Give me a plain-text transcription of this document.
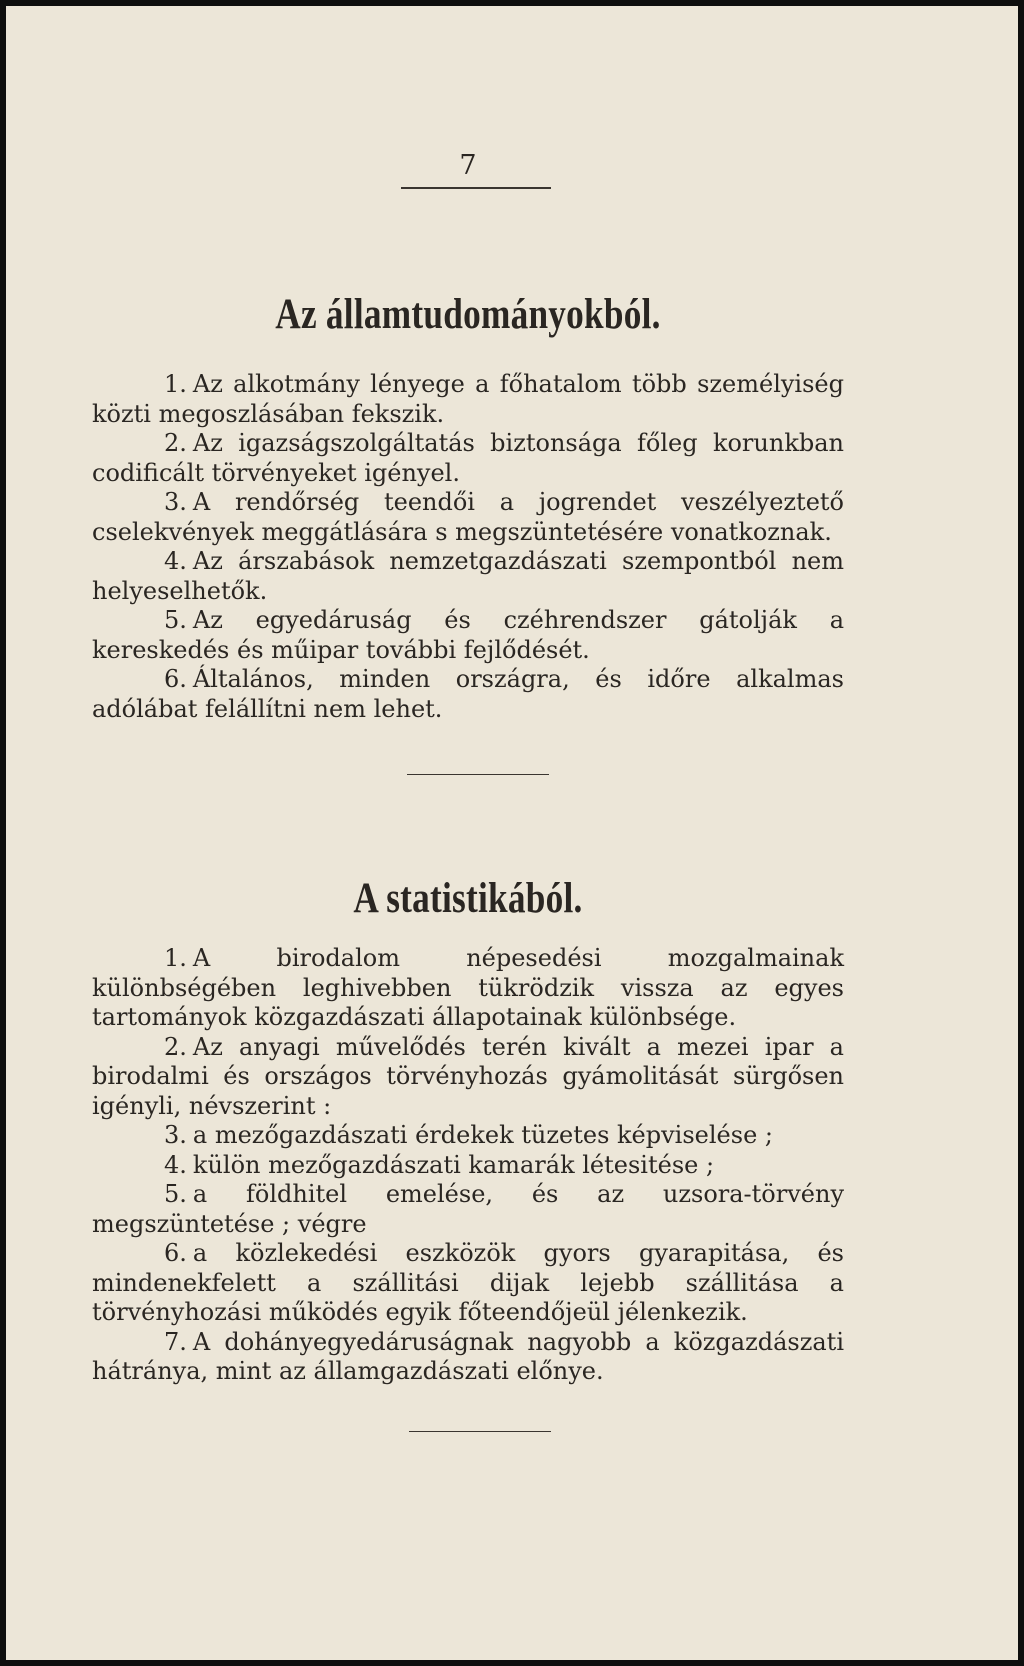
7
Az államtudományokból.
1. Az alkotmány lényege a főhatalom több személyiség közti megoszlásában fekszik.
2. Az igazságszolgáltatás biztonsága főleg korunkban codificált törvényeket igényel.
3. A rendőrség teendői a jogrendet veszélyeztető cselekvények meggátlására s megszüntetésére vonatkoznak.
4. Az árszabások nemzetgazdászati szempontból nem helyeselhetők.
5. Az egyedáruság és czéhrendszer gátolják a kereskedés és műipar további fejlődését.
6. Általános, minden országra, és időre alkalmas adólábat felállítni nem lehet.
A statistikából.
1. A birodalom népesedési mozgalmainak különbségében leghivebben tükrödzik vissza az egyes tartományok közgazdászati állapotainak különbsége.
2. Az anyagi művelődés terén kivált a mezei ipar a birodalmi és országos törvényhozás gyámolitását sürgősen igényli, névszerint :
3. a mezőgazdászati érdekek tüzetes képviselése ;
4. külön mezőgazdászati kamarák létesitése ;
5. a földhitel emelése, és az uzsora-törvény megszüntetése ; végre
6. a közlekedési eszközök gyors gyarapitása, és mindenekfelett a szállitási dijak lejebb szállitása a törvényhozási működés egyik főteendőjeül jélenkezik.
7. A dohányegyedáruságnak nagyobb a közgazdászati hátránya, mint az államgazdászati előnye.
